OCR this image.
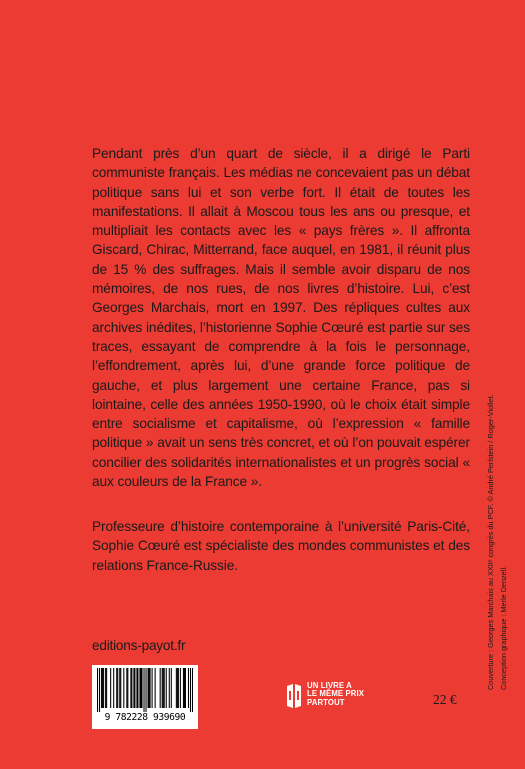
Pendant près d’un quart de siècle, il a dirigé le Parti communiste français. Les médias ne concevaient pas un débat politique sans lui et son verbe fort. Il était de toutes les manifestations. Il allait à Moscou tous les ans ou presque, et multipliait les contacts avec les « pays frères ». Il affronta Giscard, Chirac, Mitterrand, face auquel, en 1981, il réunit plus de 15 % des suffrages. Mais il semble avoir disparu de nos mémoires, de nos rues, de nos livres d’histoire. Lui, c’est Georges Marchais, mort en 1997. Des répliques cultes aux archives inédites, l’historienne Sophie Cœuré est partie sur ses traces, essayant de comprendre à la fois le personnage, l’effondrement, après lui, d’une grande force politique de gauche, et plus largement une certaine France, pas si lointaine, celle des années 1950-1990, où le choix était simple entre socialisme et capitalisme, où l’expression « famille politique » avait un sens très concret, et où l’on pouvait espérer concilier des solidarités internationalistes et un progrès social « aux couleurs de la France ».

Professeure d’histoire contemporaine à l’université Paris-Cité, Sophie Cœuré est spécialiste des mondes communistes et des relations France-Russie.

editions-payot.fr
9 782228 939690
UN LIVRE A
LE MÊME PRIX
PARTOUT	22 €
Couverture : Georges Marchais au XXIIᵉ congrès du PCF. © André Perlstein / Roger-Viollet. Conception graphique : Merle Denzell.
